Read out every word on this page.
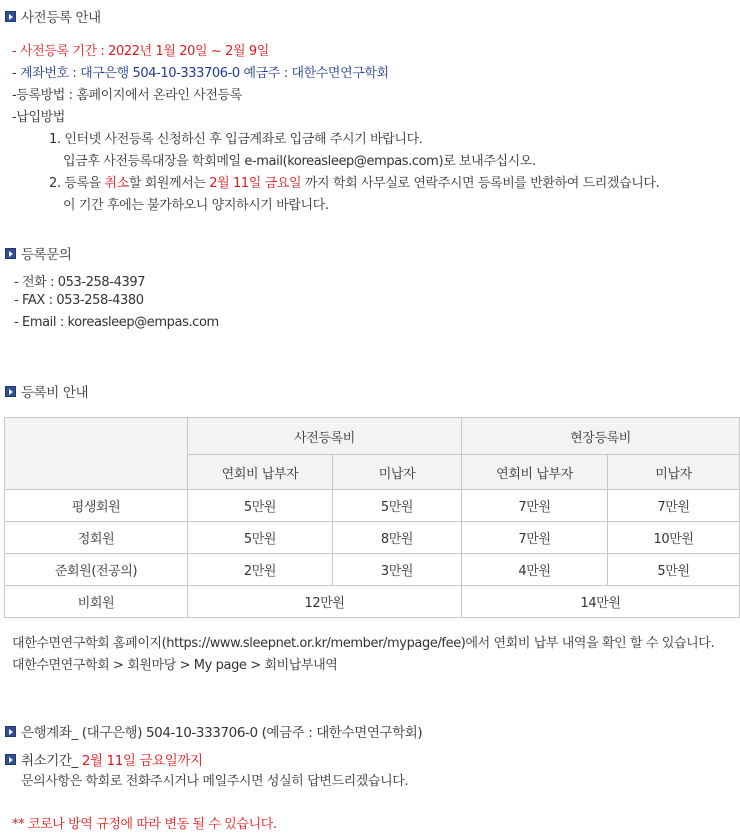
사전등록 안내
- 사전등록 기간 : 2022년 1월 20일 ~ 2월 9일
- 계좌번호 : 대구은행 504-10-333706-0 예금주 : 대한수면연구학회
-등록방법 : 홈페이지에서 온라인 사전등록
-납입방법
1. 인터넷 사전등록 신청하신 후 입금계좌로 입금해 주시기 바랍니다.
입금후 사전등록대장을 학회메일 e-mail(koreasleep@empas.com)로 보내주십시오.
2. 등록을 취소할 회원께서는 2월 11일 금요일 까지 학회 사무실로 연락주시면 등록비를 반환하여 드리겠습니다.
이 기간 후에는 불가하오니 양지하시기 바랍니다.
등록문의
- 전화 : 053-258-4397
- FAX : 053-258-4380
- Email : koreasleep@empas.com
등록비 안내
	사전등록비		현장등록비	
	연회비 납부자	미납자	연회비 납부자	미납자
평생회원	5만원	5만원	7만원	7만원
정회원	5만원	8만원	7만원	10만원
준회원(전공의)	2만원	3만원	4만원	5만원
비회원	12만원		14만원	
대한수면연구학회 홈페이지(https://www.sleepnet.or.kr/member/mypage/fee)에서 연회비 납부 내역을 확인 할 수 있습니다.
대한수면연구학회 > 회원마당 > My page > 회비납부내역
은행계좌_ (대구은행) 504-10-333706-0 (예금주 : 대한수면연구학회)
취소기간_ 2월 11일 금요일까지
문의사항은 학회로 전화주시거나 메일주시면 성실히 답변드리겠습니다.
** 코로나 방역 규정에 따라 변동 될 수 있습니다.
